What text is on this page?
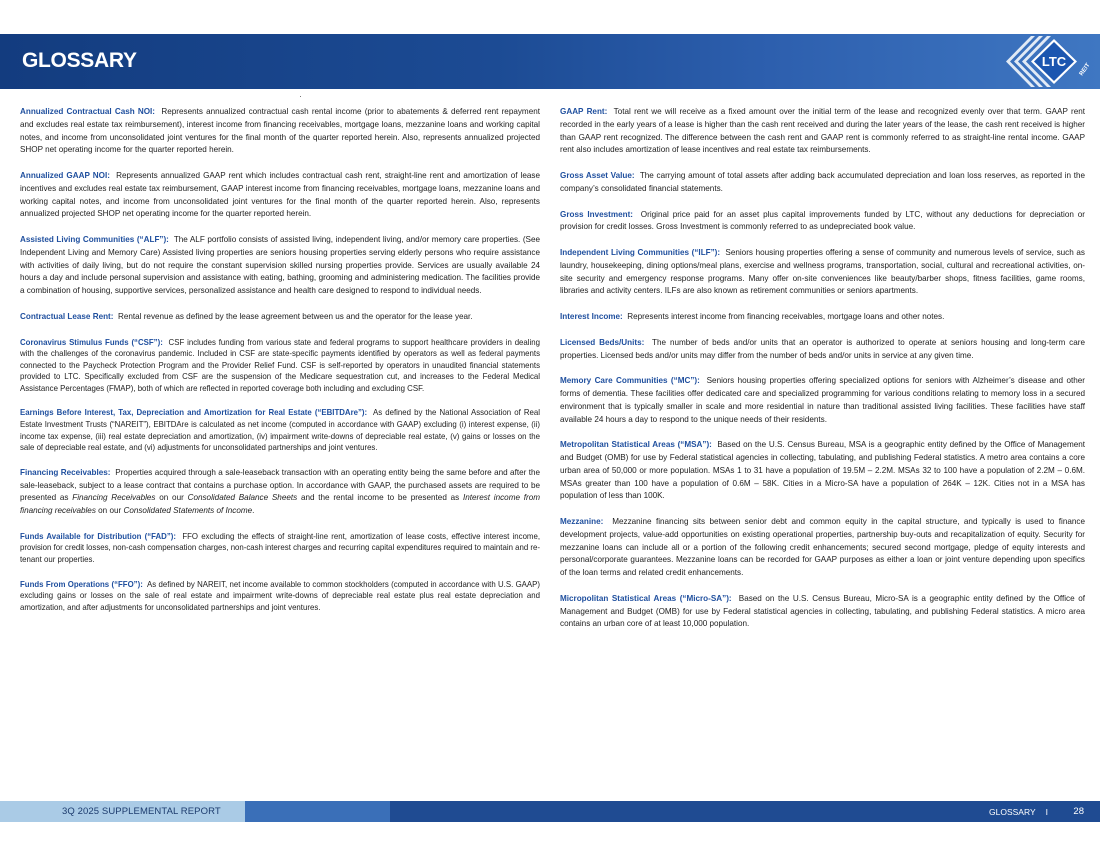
GLOSSARY	LTC
REIT

Annualized Contractual Cash NOI: Represents annualized contractual cash rental income (prior to abatements & deferred rent repayment and excludes real estate tax reimbursement), interest income from financing receivables, mortgage loans, mezzanine loans and working capital notes, and income from unconsolidated joint ventures for the final month of the quarter reported herein. Also, represents annualized projected SHOP net operating income for the quarter reported herein.

Annualized GAAP NOI: Represents annualized GAAP rent which includes contractual cash rent, straight-line rent and amortization of lease incentives and excludes real estate tax reimbursement, GAAP interest income from financing receivables, mortgage loans, mezzanine loans and working capital notes, and income from unconsolidated joint ventures for the final month of the quarter reported herein. Also, represents annualized projected SHOP net operating income for the quarter reported herein.

Assisted Living Communities (“ALF”): The ALF portfolio consists of assisted living, independent living, and/or memory care properties. (See Independent Living and Memory Care) Assisted living properties are seniors housing properties serving elderly persons who require assistance with activities of daily living, but do not require the constant supervision skilled nursing properties provide. Services are usually available 24 hours a day and include personal supervision and assistance with eating, bathing, grooming and administering medication. The facilities provide a combination of housing, supportive services, personalized assistance and health care designed to respond to individual needs.

Contractual Lease Rent: Rental revenue as defined by the lease agreement between us and the operator for the lease year.

Coronavirus Stimulus Funds (“CSF”): CSF includes funding from various state and federal programs to support healthcare providers in dealing with the challenges of the coronavirus pandemic. Included in CSF are state-specific payments identified by operators as well as federal payments connected to the Paycheck Protection Program and the Provider Relief Fund. CSF is self-reported by operators in unaudited financial statements provided to LTC. Specifically excluded from CSF are the suspension of the Medicare sequestration cut, and increases to the Federal Medical Assistance Percentages (FMAP), both of which are reflected in reported coverage both including and excluding CSF.

Earnings Before Interest, Tax, Depreciation and Amortization for Real Estate (“EBITDAre”): As defined by the National Association of Real Estate Investment Trusts (“NAREIT”), EBITDAre is calculated as net income (computed in accordance with GAAP) excluding (i) interest expense, (ii) income tax expense, (iii) real estate depreciation and amortization, (iv) impairment write-downs of depreciable real estate, (v) gains or losses on the sale of depreciable real estate, and (vi) adjustments for unconsolidated partnerships and joint ventures.

Financing Receivables: Properties acquired through a sale-leaseback transaction with an operating entity being the same before and after the sale-leaseback, subject to a lease contract that contains a purchase option. In accordance with GAAP, the purchased assets are required to be presented as Financing Receivables on our Consolidated Balance Sheets and the rental income to be presented as Interest income from financing receivables on our Consolidated Statements of Income.

Funds Available for Distribution (“FAD”): FFO excluding the effects of straight-line rent, amortization of lease costs, effective interest income, provision for credit losses, non-cash compensation charges, non-cash interest charges and recurring capital expenditures required to maintain and re-tenant our properties.

Funds From Operations (“FFO”): As defined by NAREIT, net income available to common stockholders (computed in accordance with U.S. GAAP) excluding gains or losses on the sale of real estate and impairment write-downs of depreciable real estate plus real estate depreciation and amortization, and after adjustments for unconsolidated partnerships and joint ventures.

GAAP Rent: Total rent we will receive as a fixed amount over the initial term of the lease and recognized evenly over that term. GAAP rent recorded in the early years of a lease is higher than the cash rent received and during the later years of the lease, the cash rent received is higher than GAAP rent recognized. The difference between the cash rent and GAAP rent is commonly referred to as straight-line rental income. GAAP rent also includes amortization of lease incentives and real estate tax reimbursements.

Gross Asset Value: The carrying amount of total assets after adding back accumulated depreciation and loan loss reserves, as reported in the company’s consolidated financial statements.

Gross Investment: Original price paid for an asset plus capital improvements funded by LTC, without any deductions for depreciation or provision for credit losses. Gross Investment is commonly referred to as undepreciated book value.

Independent Living Communities (“ILF”): Seniors housing properties offering a sense of community and numerous levels of service, such as laundry, housekeeping, dining options/meal plans, exercise and wellness programs, transportation, social, cultural and recreational activities, on-site security and emergency response programs. Many offer on-site conveniences like beauty/barber shops, fitness facilities, game rooms, libraries and activity centers. ILFs are also known as retirement communities or seniors apartments.

Interest Income: Represents interest income from financing receivables, mortgage loans and other notes.

Licensed Beds/Units: The number of beds and/or units that an operator is authorized to operate at seniors housing and long-term care properties. Licensed beds and/or units may differ from the number of beds and/or units in service at any given time.

Memory Care Communities (“MC”): Seniors housing properties offering specialized options for seniors with Alzheimer’s disease and other forms of dementia. These facilities offer dedicated care and specialized programming for various conditions relating to memory loss in a secured environment that is typically smaller in scale and more residential in nature than traditional assisted living facilities. These facilities have staff available 24 hours a day to respond to the unique needs of their residents.

Metropolitan Statistical Areas (“MSA”): Based on the U.S. Census Bureau, MSA is a geographic entity defined by the Office of Management and Budget (OMB) for use by Federal statistical agencies in collecting, tabulating, and publishing Federal statistics. A metro area contains a core urban area of 50,000 or more population. MSAs 1 to 31 have a population of 19.5M – 2.2M. MSAs 32 to 100 have a population of 2.2M – 0.6M. MSAs greater than 100 have a population of 0.6M – 58K. Cities in a Micro-SA have a population of 264K – 12K. Cities not in a MSA has population of less than 100K.

Mezzanine: Mezzanine financing sits between senior debt and common equity in the capital structure, and typically is used to finance development projects, value-add opportunities on existing operational properties, partnership buy-outs and recapitalization of equity. Security for mezzanine loans can include all or a portion of the following credit enhancements; secured second mortgage, pledge of equity interests and personal/corporate guarantees. Mezzanine loans can be recorded for GAAP purposes as either a loan or joint venture depending upon specifics of the loan terms and related credit enhancements.

Micropolitan Statistical Areas (“Micro-SA”): Based on the U.S. Census Bureau, Micro-SA is a geographic entity defined by the Office of Management and Budget (OMB) for use by Federal statistical agencies in collecting, tabulating, and publishing Federal statistics. A micro area contains an urban core of at least 10,000 population.

3Q 2025 SUPPLEMENTAL REPORT	GLOSSARY I	28
